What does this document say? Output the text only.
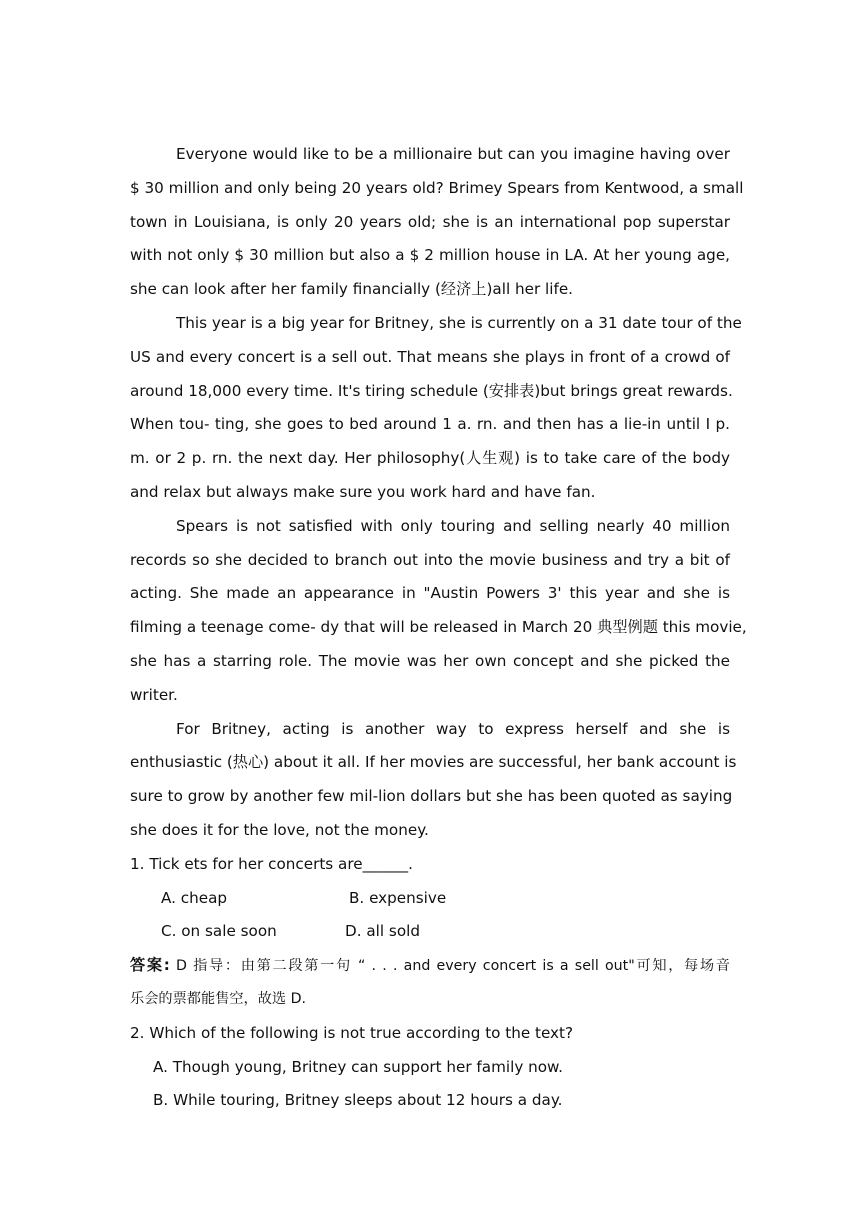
Everyone would like to be a millionaire but can you imagine having over
$ 30 million and only being 20 years old? Brimey Spears from Kentwood, a small
town in Louisiana, is only 20 years old; she is an international pop superstar
with not only $ 30 million but also a $ 2 million house in LA. At her young age,
she can look after her family financially (经济上)all her life.
This year is a big year for Britney, she is currently on a 31 date tour of the
US and every concert is a sell out. That means she plays in front of a crowd of
around 18,000 every time. It's tiring schedule (安排表)but brings great rewards.
When tou- ting, she goes to bed around 1 a. rn. and then has a lie-in until I p.
m. or 2 p. rn. the next day. Her philosophy(人生观) is to take care of the body
and relax but always make sure you work hard and have fan.
Spears is not satisfied with only touring and selling nearly 40 million
records so she decided to branch out into the movie business and try a bit of
acting. She made an appearance in "Austin Powers 3' this year and she is
filming a teenage come- dy that will be released in March 20 典型例题 this movie,
she has a starring role. The movie was her own concept and she picked the
writer.
For Britney, acting is another way to express herself and she is
enthusiastic (热心) about it all. If her movies are successful, her bank account is
sure to grow by another few mil-lion dollars but she has been quoted as saying
she does it for the love, not the money.
1. Tick ets for her concerts are______.
A. cheap	B. expensive
C. on sale soon	D. all sold
答案: D 指导：由第二段第一句 “ . . . and every concert is a sell out"可知，每场音
乐会的票都能售空，故选 D.
2. Which of the following is not true according to the text?
A. Though young, Britney can support her family now.
B. While touring, Britney sleeps about 12 hours a day.
